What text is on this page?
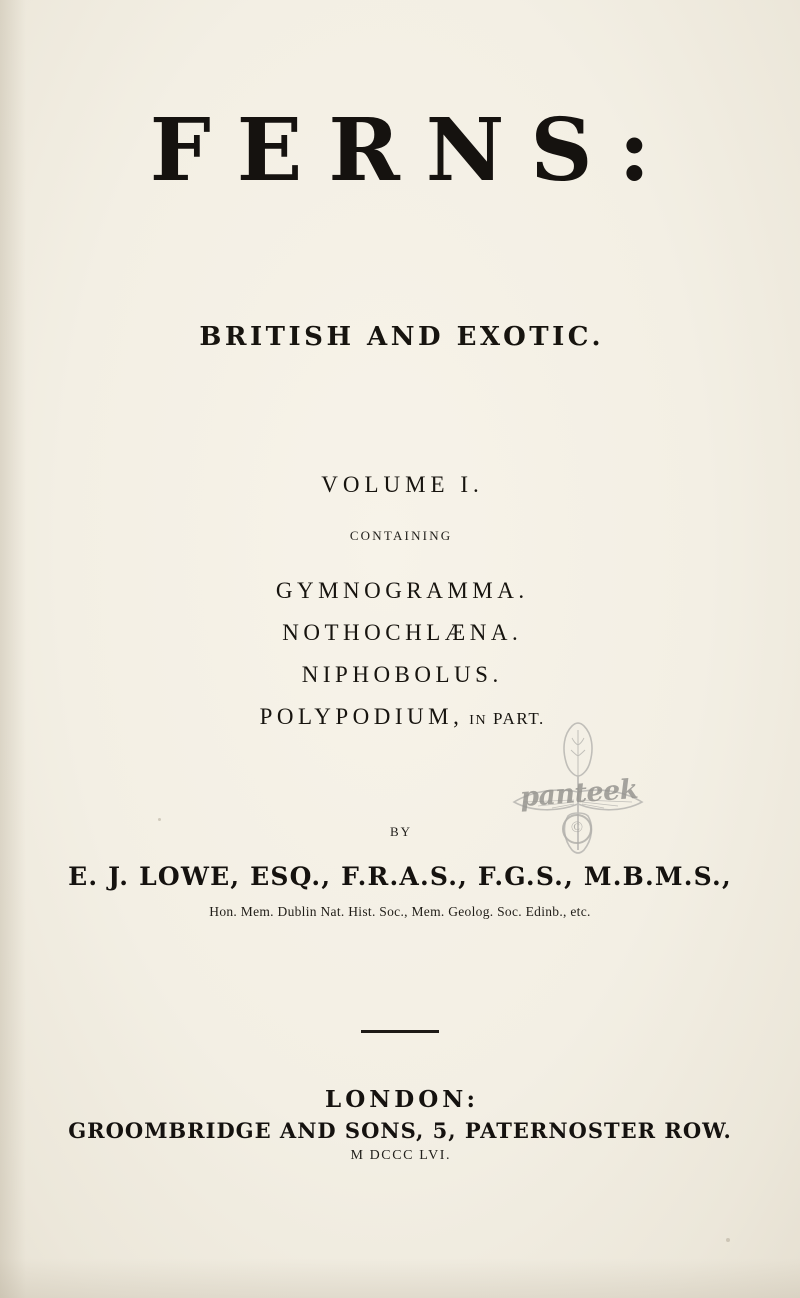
FERNS:
BRITISH AND EXOTIC.
VOLUME I.
CONTAINING
GYMNOGRAMMA.
NOTHOCHLÆNA.
NIPHOBOLUS.
POLYPODIUM, IN PART.
panteek
©
BY
E. J. LOWE, ESQ., F.R.A.S., F.G.S., M.B.M.S.,
Hon. Mem. Dublin Nat. Hist. Soc., Mem. Geolog. Soc. Edinb., etc.
LONDON:
GROOMBRIDGE AND SONS, 5, PATERNOSTER ROW.
M DCCC LVI.
